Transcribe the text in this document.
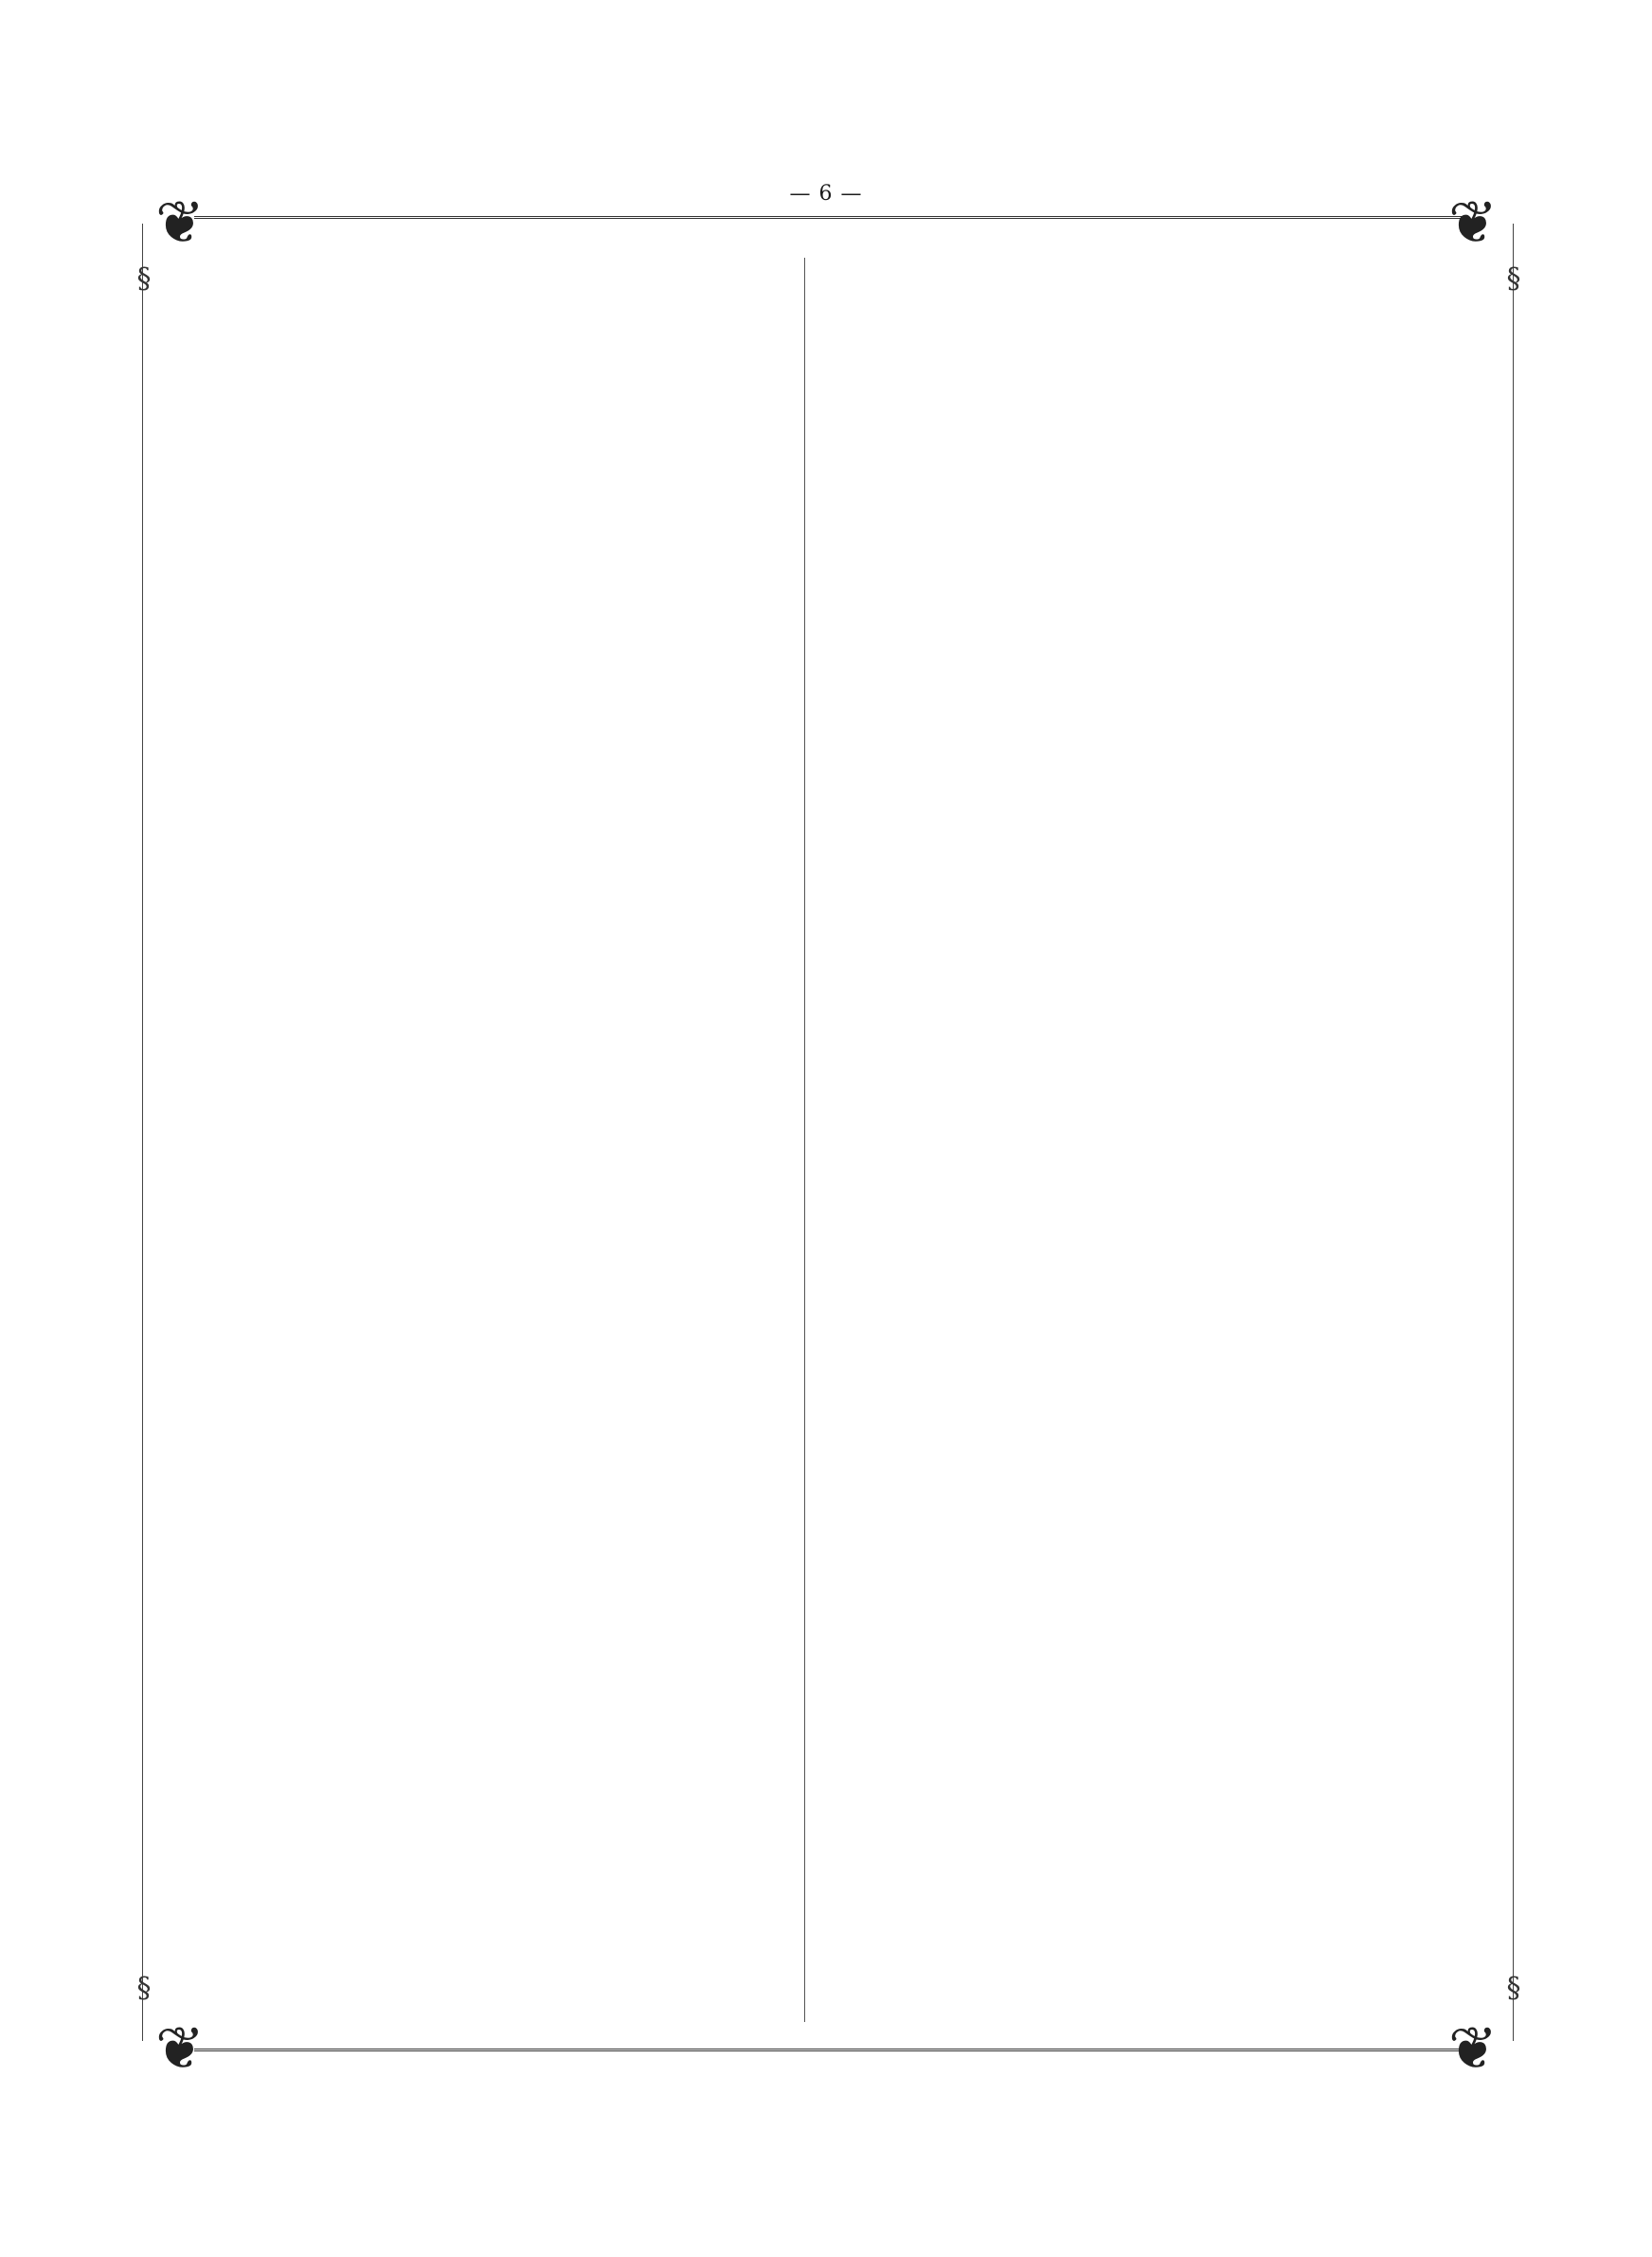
— 6 —
❦	❦
❦	❦
§	§
§	§
